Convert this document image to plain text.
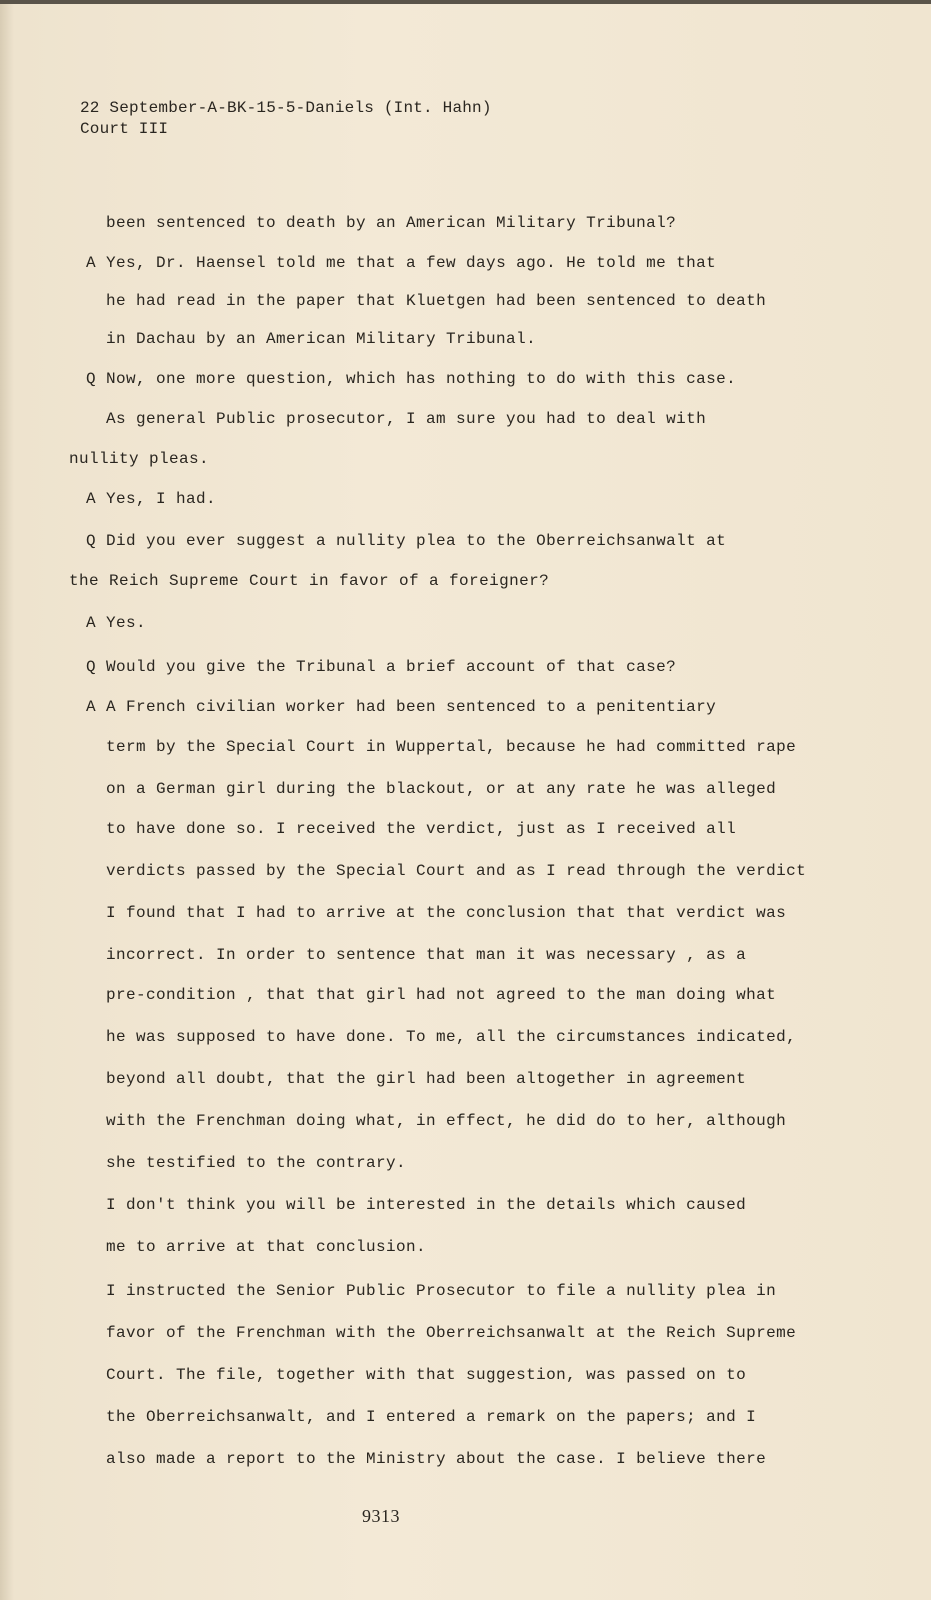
22 September-A-BK-15-5-Daniels (Int. Hahn)
Court III
been sentenced to death by an American Military Tribunal?
A Yes, Dr. Haensel told me that a few days ago. He told me that
he had read in the paper that Kluetgen had been sentenced to death
in Dachau by an American Military Tribunal.
Q Now, one more question, which has nothing to do with this case.
As general Public prosecutor, I am sure you had to deal with
nullity pleas.
A Yes, I had.
Q Did you ever suggest a nullity plea to the Oberreichsanwalt at
the Reich Supreme Court in favor of a foreigner?
A Yes.
Q Would you give the Tribunal a brief account of that case?
A A French civilian worker had been sentenced to a penitentiary
term by the Special Court in Wuppertal, because he had committed rape
on a German girl during the blackout, or at any rate he was alleged
to have done so. I received the verdict, just as I received all
verdicts passed by the Special Court and as I read through the verdict
I found that I had to arrive at the conclusion that that verdict was
incorrect. In order to sentence that man it was necessary , as a
pre-condition , that that girl had not agreed to the man doing what
he was supposed to have done. To me, all the circumstances indicated,
beyond all doubt, that the girl had been altogether in agreement
with the Frenchman doing what, in effect, he did do to her, although
she testified to the contrary.
I don't think you will be interested in the details which caused
me to arrive at that conclusion.
I instructed the Senior Public Prosecutor to file a nullity plea in
favor of the Frenchman with the Oberreichsanwalt at the Reich Supreme
Court. The file, together with that suggestion, was passed on to
the Oberreichsanwalt, and I entered a remark on the papers; and I
also made a report to the Ministry about the case. I believe there
9313
